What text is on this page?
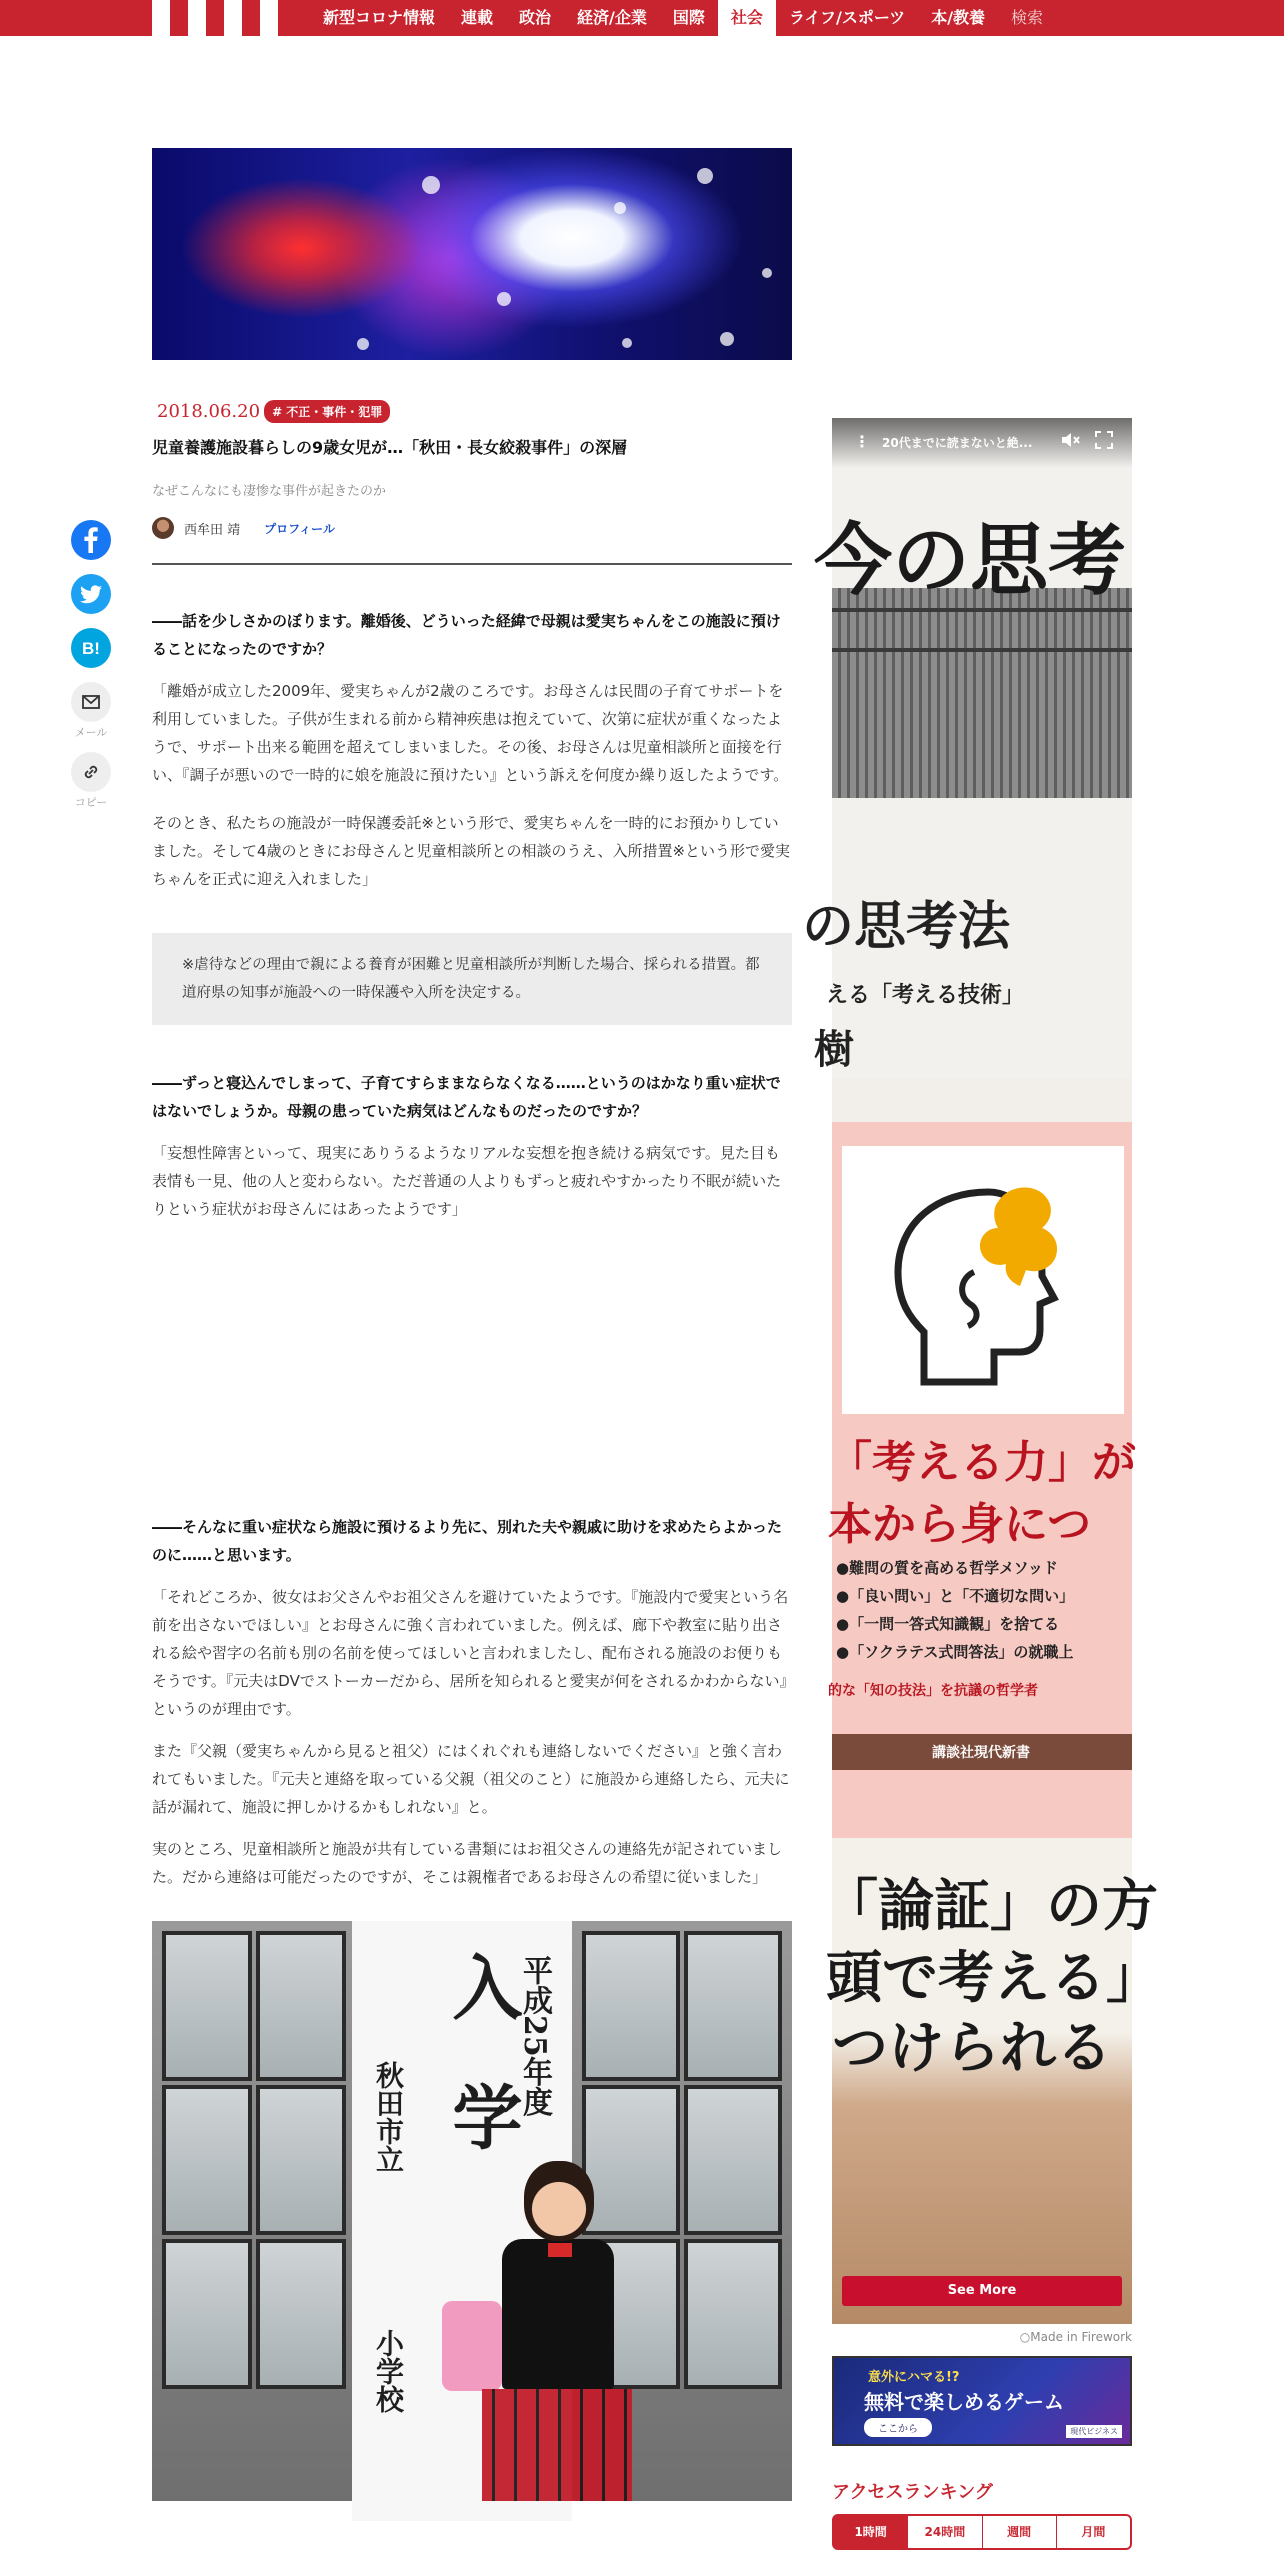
新型コロナ情報	連載	政治	経済/企業	国際	社会	ライフ/スポーツ	本/教養	検索
B!
メール
コピー
2018.06.20	# 不正・事件・犯罪
児童養護施設暮らしの9歳女児が…「秋田・長女絞殺事件」の深層
なぜこんなにも凄惨な事件が起きたのか
西牟田 靖 プロフィール

――話を少しさかのぼります。離婚後、どういった経緯で母親は愛実ちゃんをこの施設に預けることになったのですか？

「離婚が成立した2009年、愛実ちゃんが2歳のころです。お母さんは民間の子育てサポートを利用していました。子供が生まれる前から精神疾患は抱えていて、次第に症状が重くなったようで、サポート出来る範囲を超えてしまいました。その後、お母さんは児童相談所と面接を行い、『調子が悪いので一時的に娘を施設に預けたい』という訴えを何度か繰り返したようです。

そのとき、私たちの施設が一時保護委託※という形で、愛実ちゃんを一時的にお預かりしていました。そして4歳のときにお母さんと児童相談所との相談のうえ、入所措置※という形で愛実ちゃんを正式に迎え入れました」

※虐待などの理由で親による養育が困難と児童相談所が判断した場合、採られる措置。都道府県の知事が施設への一時保護や入所を決定する。

――ずっと寝込んでしまって、子育てすらままならなくなる……というのはかなり重い症状ではないでしょうか。母親の患っていた病気はどんなものだったのですか？

「妄想性障害といって、現実にありうるようなリアルな妄想を抱き続ける病気です。見た目も表情も一見、他の人と変わらない。ただ普通の人よりもずっと疲れやすかったり不眠が続いたりという症状がお母さんにはあったようです」

――そんなに重い症状なら施設に預けるより先に、別れた夫や親戚に助けを求めたらよかったのに……と思います。

「それどころか、彼女はお父さんやお祖父さんを避けていたようです。『施設内で愛実という名前を出さないでほしい』とお母さんに強く言われていました。例えば、廊下や教室に貼り出される絵や習字の名前も別の名前を使ってほしいと言われましたし、配布される施設のお便りもそうです。『元夫はDVでストーカーだから、居所を知られると愛実が何をされるかわからない』というのが理由です。

また『父親（愛実ちゃんから見ると祖父）にはくれぐれも連絡しないでください』と強く言われてもいました。『元夫と連絡を取っている父親（祖父のこと）に施設から連絡したら、元夫に話が漏れて、施設に押しかけるかもしれない』と。

実のところ、児童相談所と施設が共有している書類にはお祖父さんの連絡先が記されていました。だから連絡は可能だったのですが、そこは親権者であるお母さんの希望に従いました」

平成25年度
入
学
秋田市立
小学校
今の思考
の思考法
える「考える技術」
樹
「考える力」が
本から身につ
●難問の質を高める哲学メソッド
●「良い問い」と「不適切な問い」
●「一問一答式知識観」を捨てる
●「ソクラテス式問答法」の就職上
的な「知の技法」を抗議の哲学者
講談社現代新書
「論証」の方
頭で考える」
つけられる
⋮ 20代までに読まないと絶...
See More
○Made in Firework
意外にハマる!?
無料で楽しめるゲーム
ここから	現代ビジネス
アクセスランキング
1時間	24時間	週間	月間
